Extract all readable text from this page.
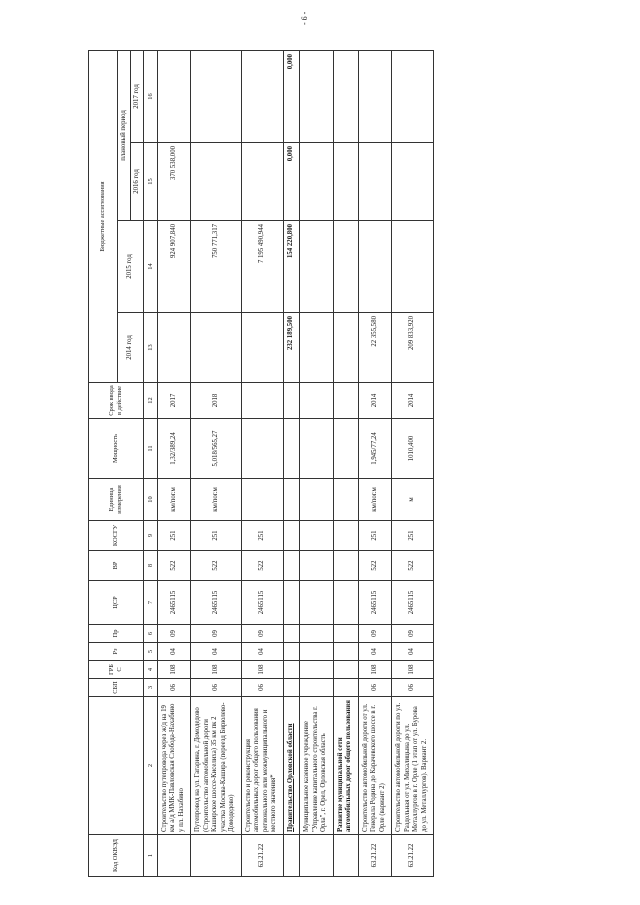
Код ОКВЭД		СБП	ГРБ С	Рз	Пр	ЦСР	ВР	КОСГУ	Единица измерения	Мощность	Срок ввода в действие	Бюджетные ассигнования			
												2014 год	2015 год	плановый период	
														2016 год	2017 год
1	2	3	4	5	6	7	8	9	10	11	12	13	14	15	16
	Строительство путепровода через ж/д на 19 км а/д ММК-Павловская Слобода-Нахабино у пл. Нахабино	06	108	04	09	2465115	522	251	км/пог.м	1,32/389,24	2017		924 907,840	370 538,000	
	Путепровод на ул. Гагарина, г. Домодедово (Строительство автомобильной дороги Каширское шоссе-Киселиха) 35 км пк 2 участка Москва-Кашира (переезд Бирюлево-Домодедово)	06	108	04	09	2465115	522	251	км/пог.м	5,018/565,27	2018		750 771,317		
63.21.22	Строительство и реконструкция автомобильных дорог общего пользования регионального или межмуниципального и местного значения*	06	108	04	09	2465115	522	251					7 195 490,944		
	Правительство Орловской области											232 189,500	154 220,800	0,000	0,000
	Муниципальное казенное учреждение "Управление капитального строительства г. Орла", г. Орел, Орловская область														
	Развитие муниципальной сети автомобильных дорог общего пользования														
63.21.22	Строительство автомобильной дороги от ул. Генерала Родина до Карачевского шоссе в г. Орле (вариант 2)	06	108	04	09	2465115	522	251	км/пог.м	1,945/77,24	2014	22 355,580			
63.21.22	Строительство автомобильной дороги по ул. Раздольная от ул. Михалицына до ул. Металлургов в г. Орле (1 этап от ул. Бурова до ул. Металлургов). Вариант 2.	06	108	04	09	2465115	522	251	м	1010,400	2014	209 833,920			
- 6 -
